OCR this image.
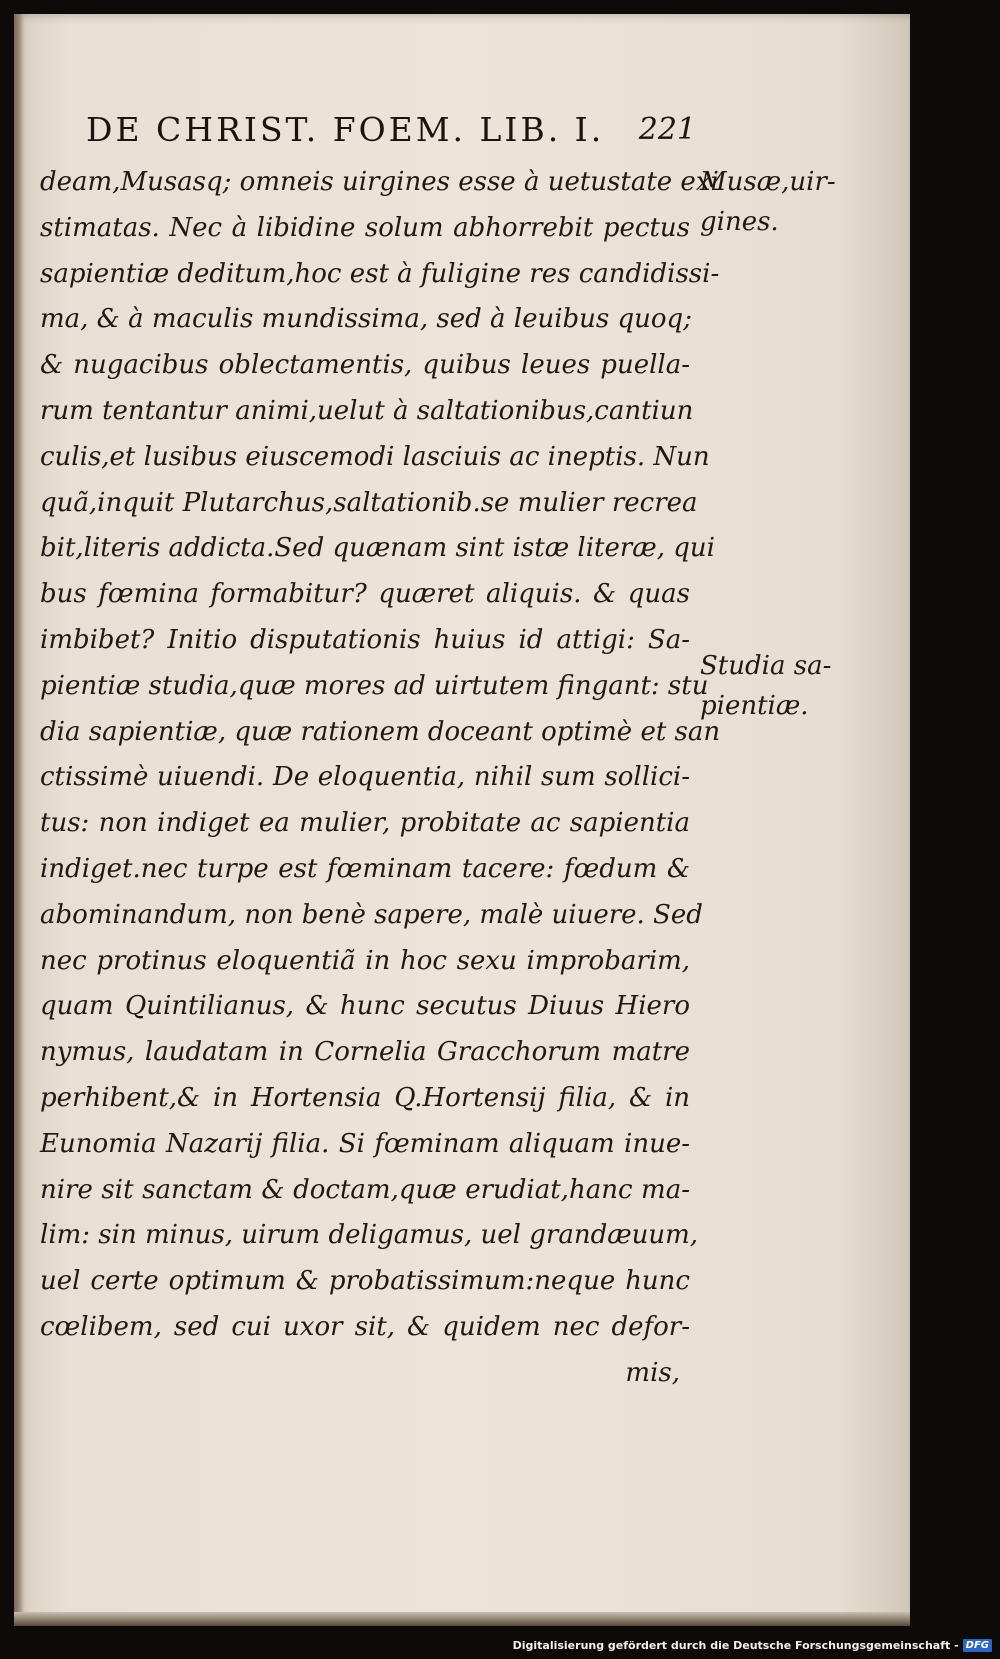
DE CHRIST. FOEM. LIB. I. 221
deam,Musasq; omneis uirgines esse à uetustate exi
stimatas. Nec à libidine solum abhorrebit pectus
sapientiæ deditum,hoc est à fuligine res candidissi-
ma, & à maculis mundissima, sed à leuibus quoq;
& nugacibus oblectamentis, quibus leues puella-
rum tentantur animi,uelut à saltationibus,cantiun
culis,et lusibus eiuscemodi lasciuis ac ineptis. Nun
quã,inquit Plutarchus,saltationib.se mulier recrea
bit,literis addicta.Sed quænam sint istæ literæ, qui
bus fœmina formabitur? quæret aliquis. & quas
imbibet? Initio disputationis huius id attigi: Sa-
pientiæ studia,quæ mores ad uirtutem fingant: stu
dia sapientiæ, quæ rationem doceant optimè et san
ctissimè uiuendi. De eloquentia, nihil sum sollici-
tus: non indiget ea mulier, probitate ac sapientia
indiget.nec turpe est fœminam tacere: fœdum &
abominandum, non benè sapere, malè uiuere. Sed
nec protinus eloquentiã in hoc sexu improbarim,
quam Quintilianus, & hunc secutus Diuus Hiero
nymus, laudatam in Cornelia Gracchorum matre
perhibent,& in Hortensia Q.Hortensij filia, & in
Eunomia Nazarij filia. Si fœminam aliquam inue-
nire sit sanctam & doctam,quæ erudiat,hanc ma-
lim: sin minus, uirum deligamus, uel grandæuum,
uel certe optimum & probatissimum:neque hunc
cœlibem, sed cui uxor sit, & quidem nec defor-
mis,
Musæ,uir-
gines.
Studia sa-
pientiæ.
Digitalisierung gefördert durch die Deutsche Forschungsgemeinschaft - DFG
